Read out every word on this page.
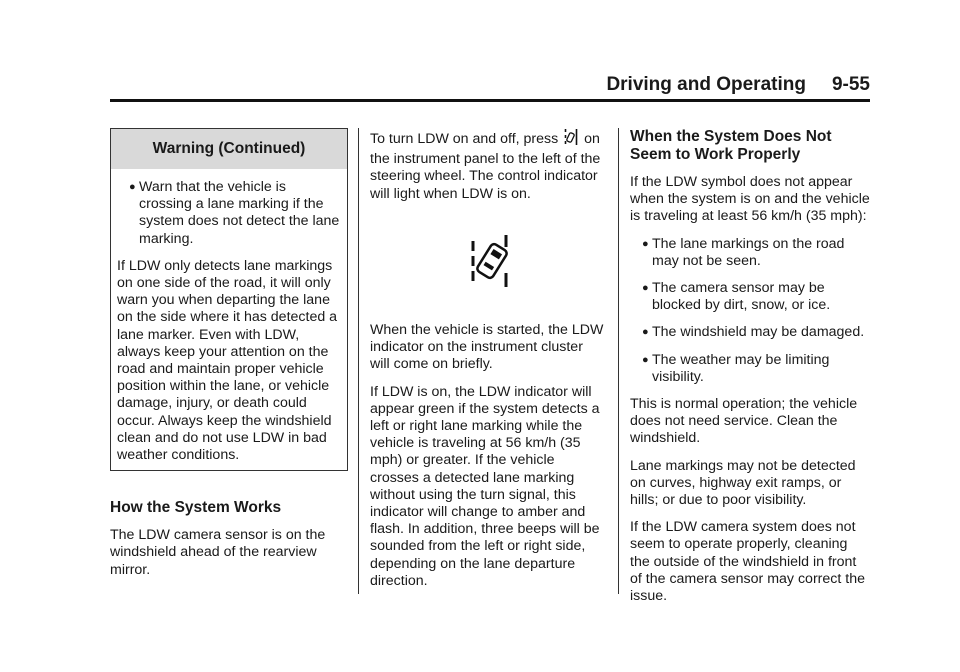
Driving and Operating 9-55
Warning (Continued)
● Warn that the vehicle is crossing a lane marking if the system does not detect the lane marking.

If LDW only detects lane markings on one side of the road, it will only warn you when departing the lane on the side where it has detected a lane marker. Even with LDW, always keep your attention on the road and maintain proper vehicle position within the lane, or vehicle damage, injury, or death could occur. Always keep the windshield clean and do not use LDW in bad weather conditions.

How the System Works

The LDW camera sensor is on the windshield ahead of the rearview mirror.

To turn LDW on and off, press on the instrument panel to the left of the steering wheel. The control indicator will light when LDW is on.

When the vehicle is started, the LDW indicator on the instrument cluster will come on briefly.

If LDW is on, the LDW indicator will appear green if the system detects a left or right lane marking while the vehicle is traveling at 56 km/h (35 mph) or greater. If the vehicle crosses a detected lane marking without using the turn signal, this indicator will change to amber and flash. In addition, three beeps will be sounded from the left or right side, depending on the lane departure direction.

When the System Does Not Seem to Work Properly

If the LDW symbol does not appear when the system is on and the vehicle is traveling at least 56 km/h (35 mph):

● The lane markings on the road may not be seen.
● The camera sensor may be blocked by dirt, snow, or ice.
● The windshield may be damaged.
● The weather may be limiting visibility.

This is normal operation; the vehicle does not need service. Clean the windshield.

Lane markings may not be detected on curves, highway exit ramps, or hills; or due to poor visibility.

If the LDW camera system does not seem to operate properly, cleaning the outside of the windshield in front of the camera sensor may correct the issue.
